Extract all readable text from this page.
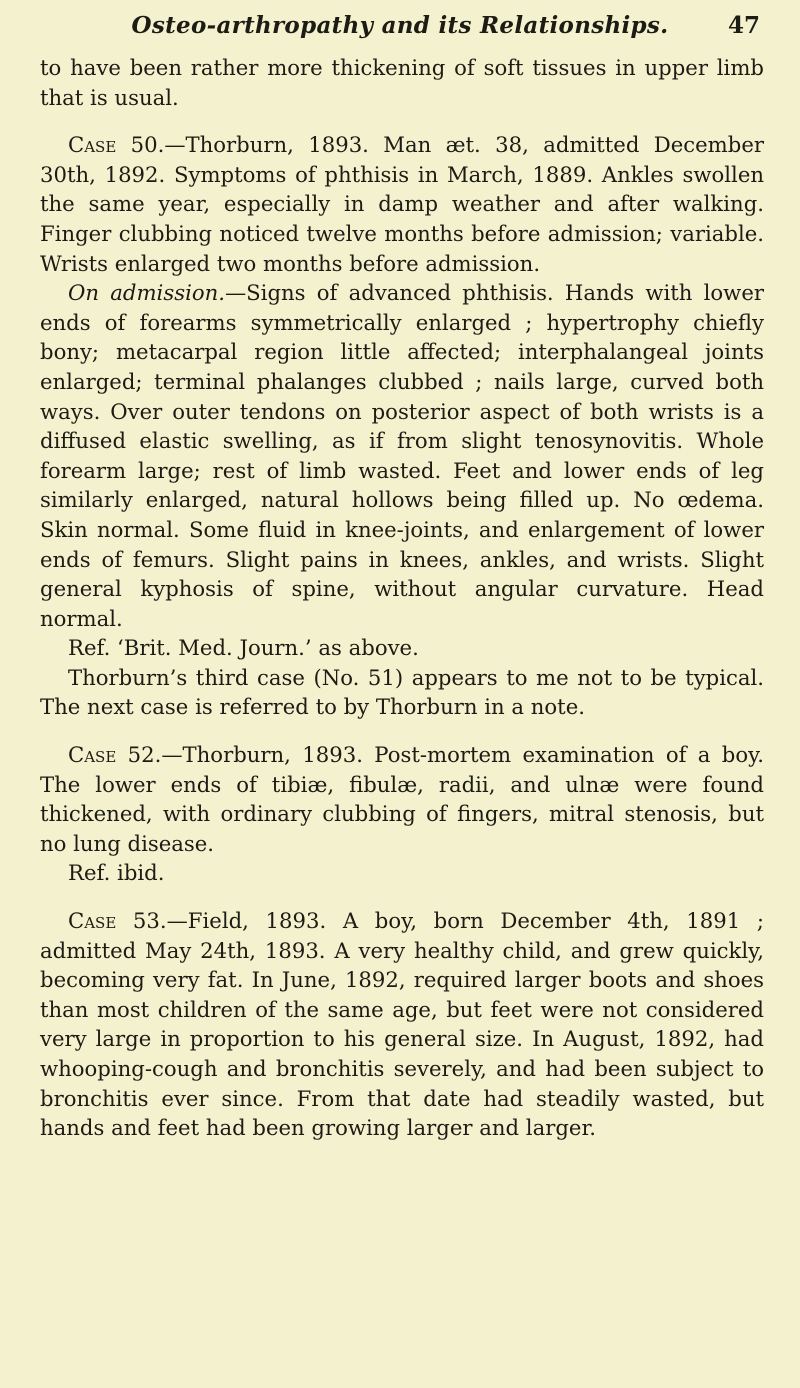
Osteo-arthropathy and its Relationships.	47

to have been rather more thickening of soft tissues in upper limb that is usual.

Case 50.—Thorburn, 1893. Man æt. 38, admitted December 30th, 1892. Symptoms of phthisis in March, 1889. Ankles swollen the same year, especially in damp weather and after walking. Finger clubbing noticed twelve months before admission; variable. Wrists enlarged two months before admission.

On admission.—Signs of advanced phthisis. Hands with lower ends of forearms symmetrically enlarged ; hypertrophy chiefly bony; metacarpal region little affected; interphalangeal joints enlarged; terminal phalanges clubbed ; nails large, curved both ways. Over outer tendons on posterior aspect of both wrists is a diffused elastic swelling, as if from slight tenosynovitis. Whole forearm large; rest of limb wasted. Feet and lower ends of leg similarly enlarged, natural hollows being filled up. No œdema. Skin normal. Some fluid in knee-joints, and enlargement of lower ends of femurs. Slight pains in knees, ankles, and wrists. Slight general kyphosis of spine, without angular curvature. Head normal.

Ref. ‘Brit. Med. Journ.’ as above.

Thorburn’s third case (No. 51) appears to me not to be typical. The next case is referred to by Thorburn in a note.

Case 52.—Thorburn, 1893. Post-mortem examination of a boy. The lower ends of tibiæ, fibulæ, radii, and ulnæ were found thickened, with ordinary clubbing of fingers, mitral stenosis, but no lung disease.

Ref. ibid.

Case 53.—Field, 1893. A boy, born December 4th, 1891 ; admitted May 24th, 1893. A very healthy child, and grew quickly, becoming very fat. In June, 1892, required larger boots and shoes than most children of the same age, but feet were not considered very large in proportion to his general size. In August, 1892, had whooping-cough and bronchitis severely, and had been subject to bronchitis ever since. From that date had steadily wasted, but hands and feet had been growing larger and larger.
